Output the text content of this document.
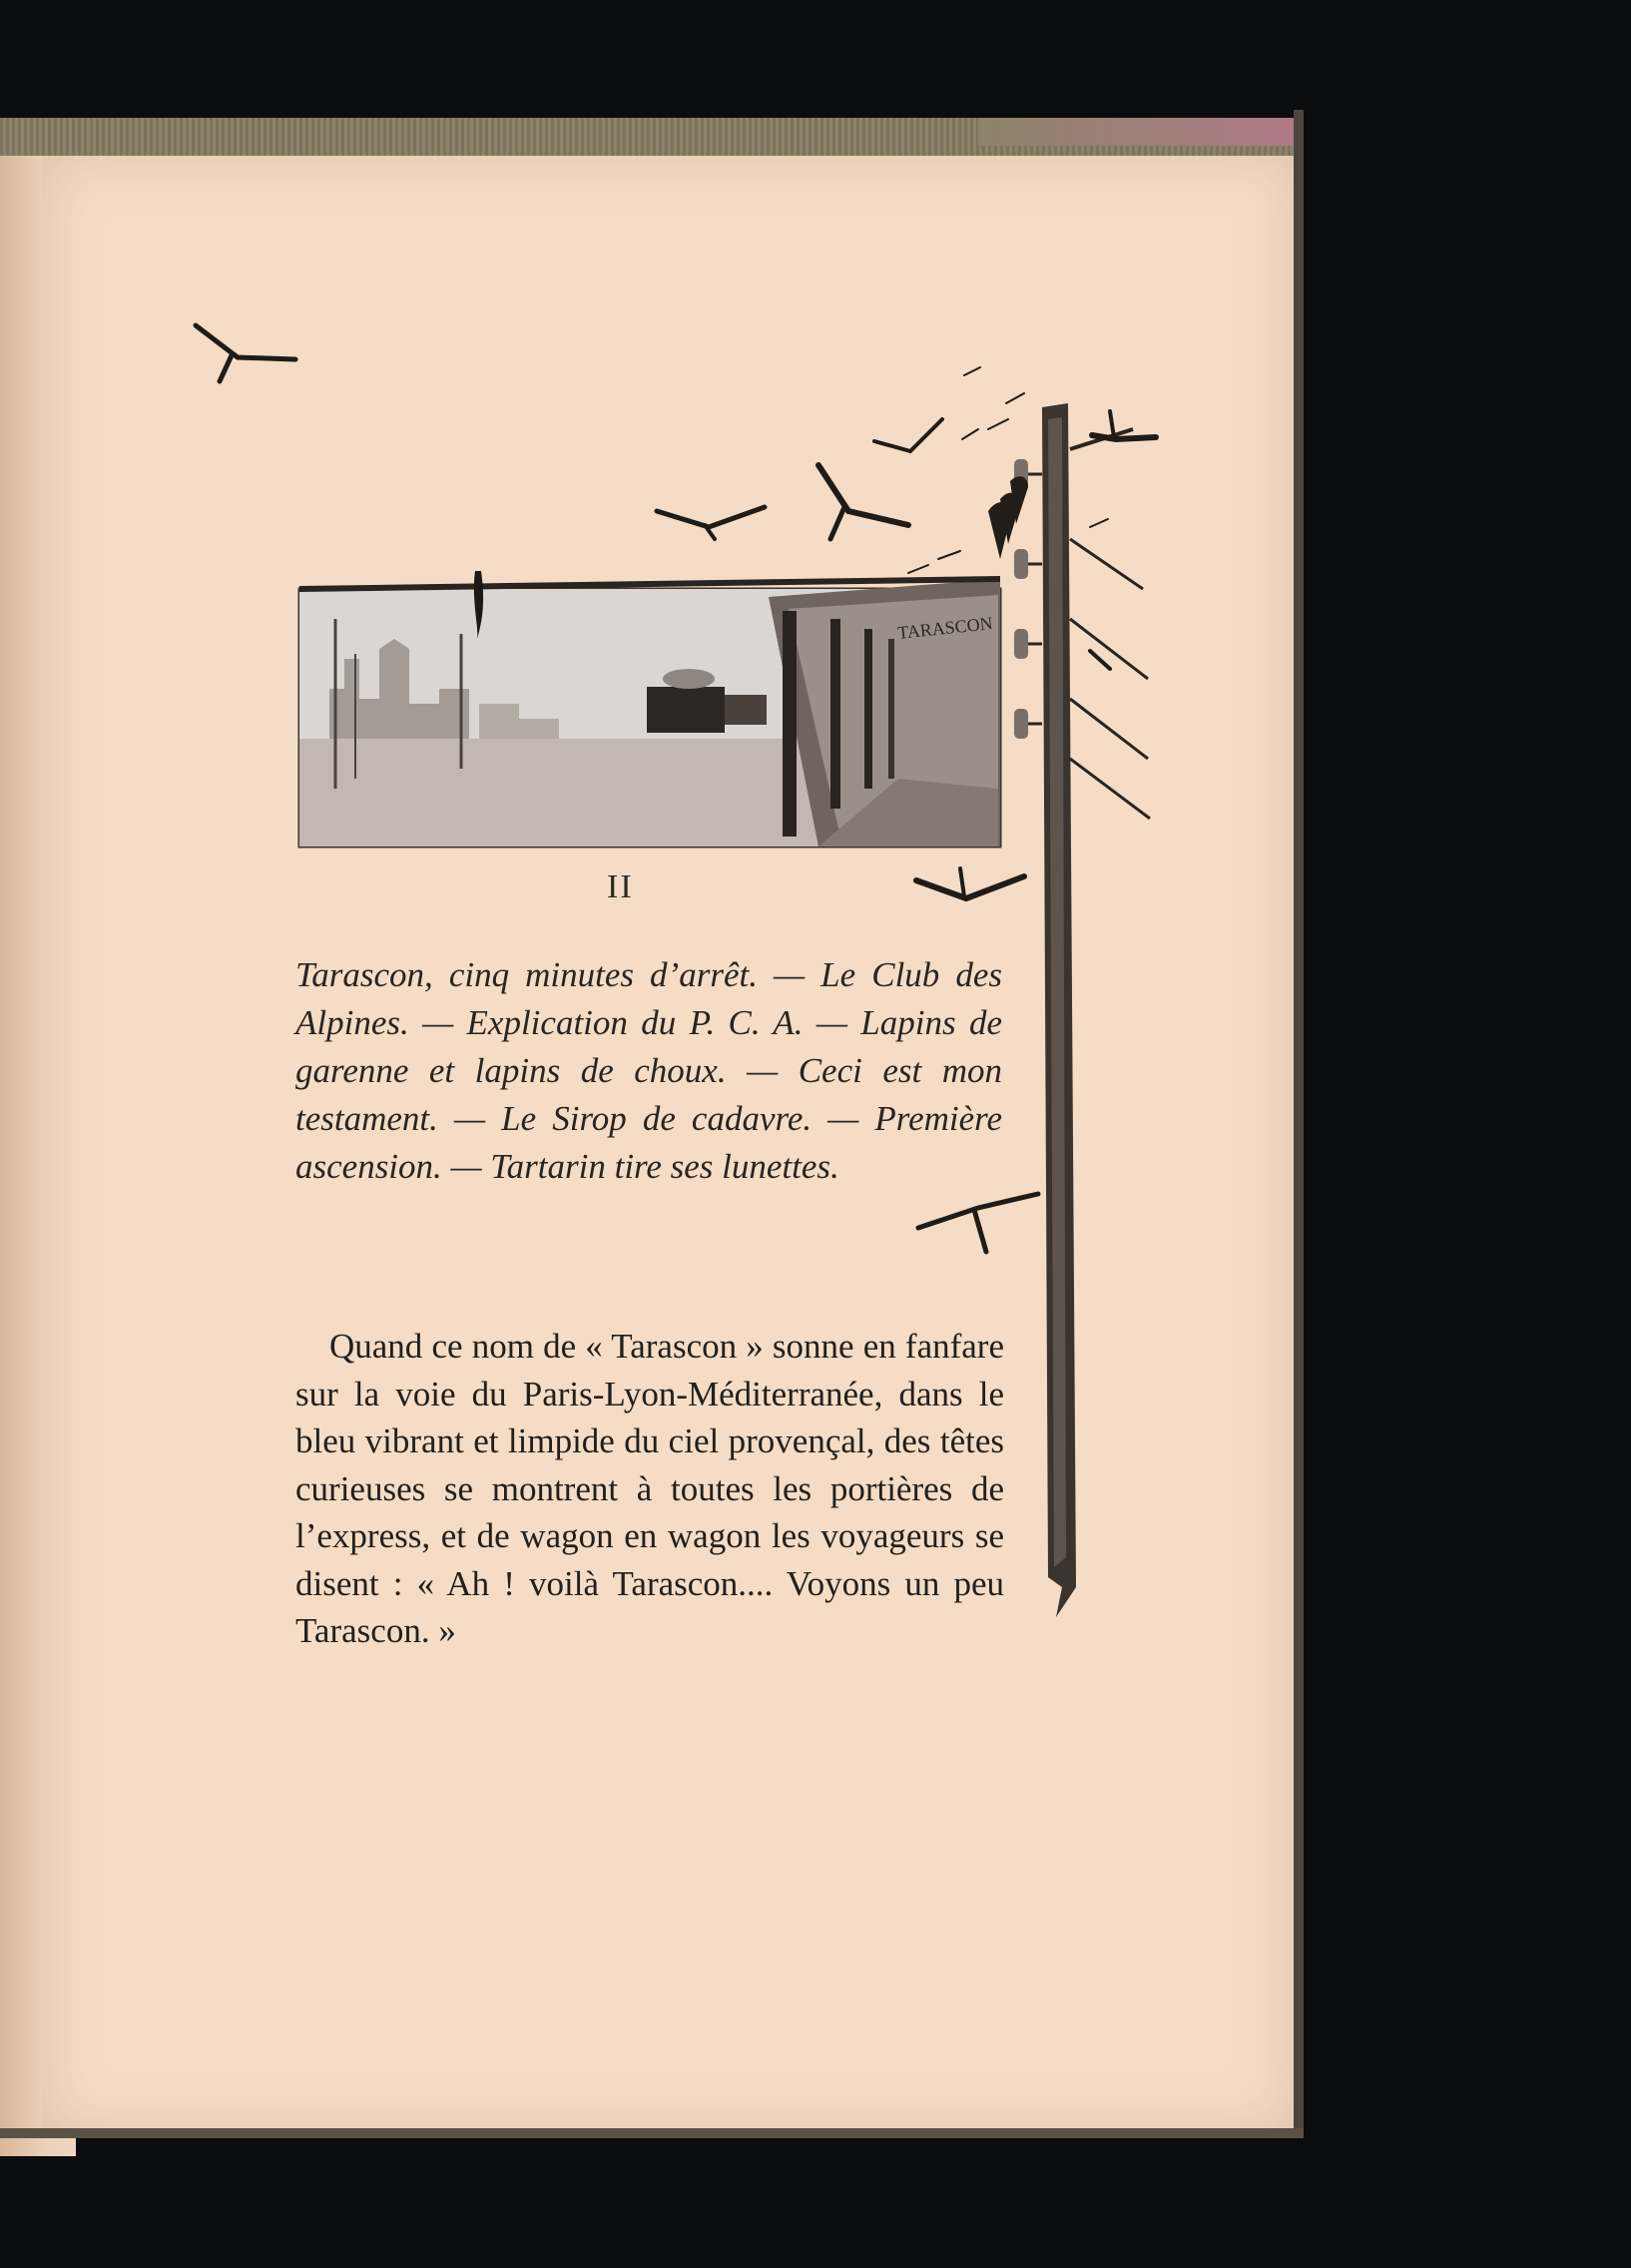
TARASCON
II
Tarascon, cinq minutes d’arrêt. — Le Club des Alpines. — Explication du P. C. A. — Lapins de garenne et lapins de choux. — Ceci est mon testament. — Le Sirop de cadavre. — Première ascension. — Tartarin tire ses lunettes.
Quand ce nom de « Tarascon » sonne en fanfare sur la voie du Paris-Lyon-Méditerranée, dans le bleu vibrant et limpide du ciel provençal, des têtes curieuses se montrent à toutes les portières de l’express, et de wagon en wagon les voyageurs se disent : « Ah ! voilà Tarascon.... Voyons un peu Tarascon. »
